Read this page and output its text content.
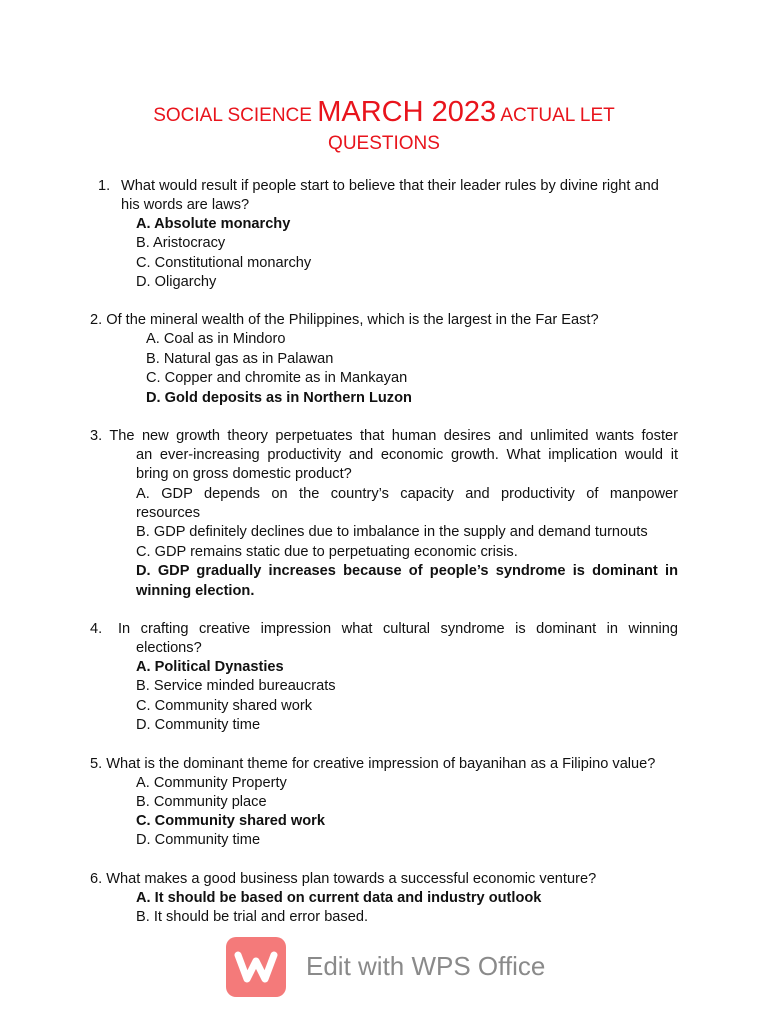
SOCIAL SCIENCE MARCH 2023 ACTUAL LET
QUESTIONS
1. What would result if people start to believe that their leader rules by divine right and
his words are laws?
A. Absolute monarchy
B. Aristocracy
C. Constitutional monarchy
D. Oligarchy
2. Of the mineral wealth of the Philippines, which is the largest in the Far East?
A. Coal as in Mindoro
B. Natural gas as in Palawan
C. Copper and chromite as in Mankayan
D. Gold deposits as in Northern Luzon
3. The new growth theory perpetuates that human desires and unlimited wants foster
an ever-increasing productivity and economic growth. What implication would it
bring on gross domestic product?
A. GDP depends on the country’s capacity and productivity of manpower
resources
B. GDP definitely declines due to imbalance in the supply and demand turnouts
C. GDP remains static due to perpetuating economic crisis.
D. GDP gradually increases because of people’s syndrome is dominant in
winning election.
4. In crafting creative impression what cultural syndrome is dominant in winning
elections?
A. Political Dynasties
B. Service minded bureaucrats
C. Community shared work
D. Community time
5. What is the dominant theme for creative impression of bayanihan as a Filipino value?
A. Community Property
B. Community place
C. Community shared work
D. Community time
6. What makes a good business plan towards a successful economic venture?
A. It should be based on current data and industry outlook
B. It should be trial and error based.
Edit with WPS Office
